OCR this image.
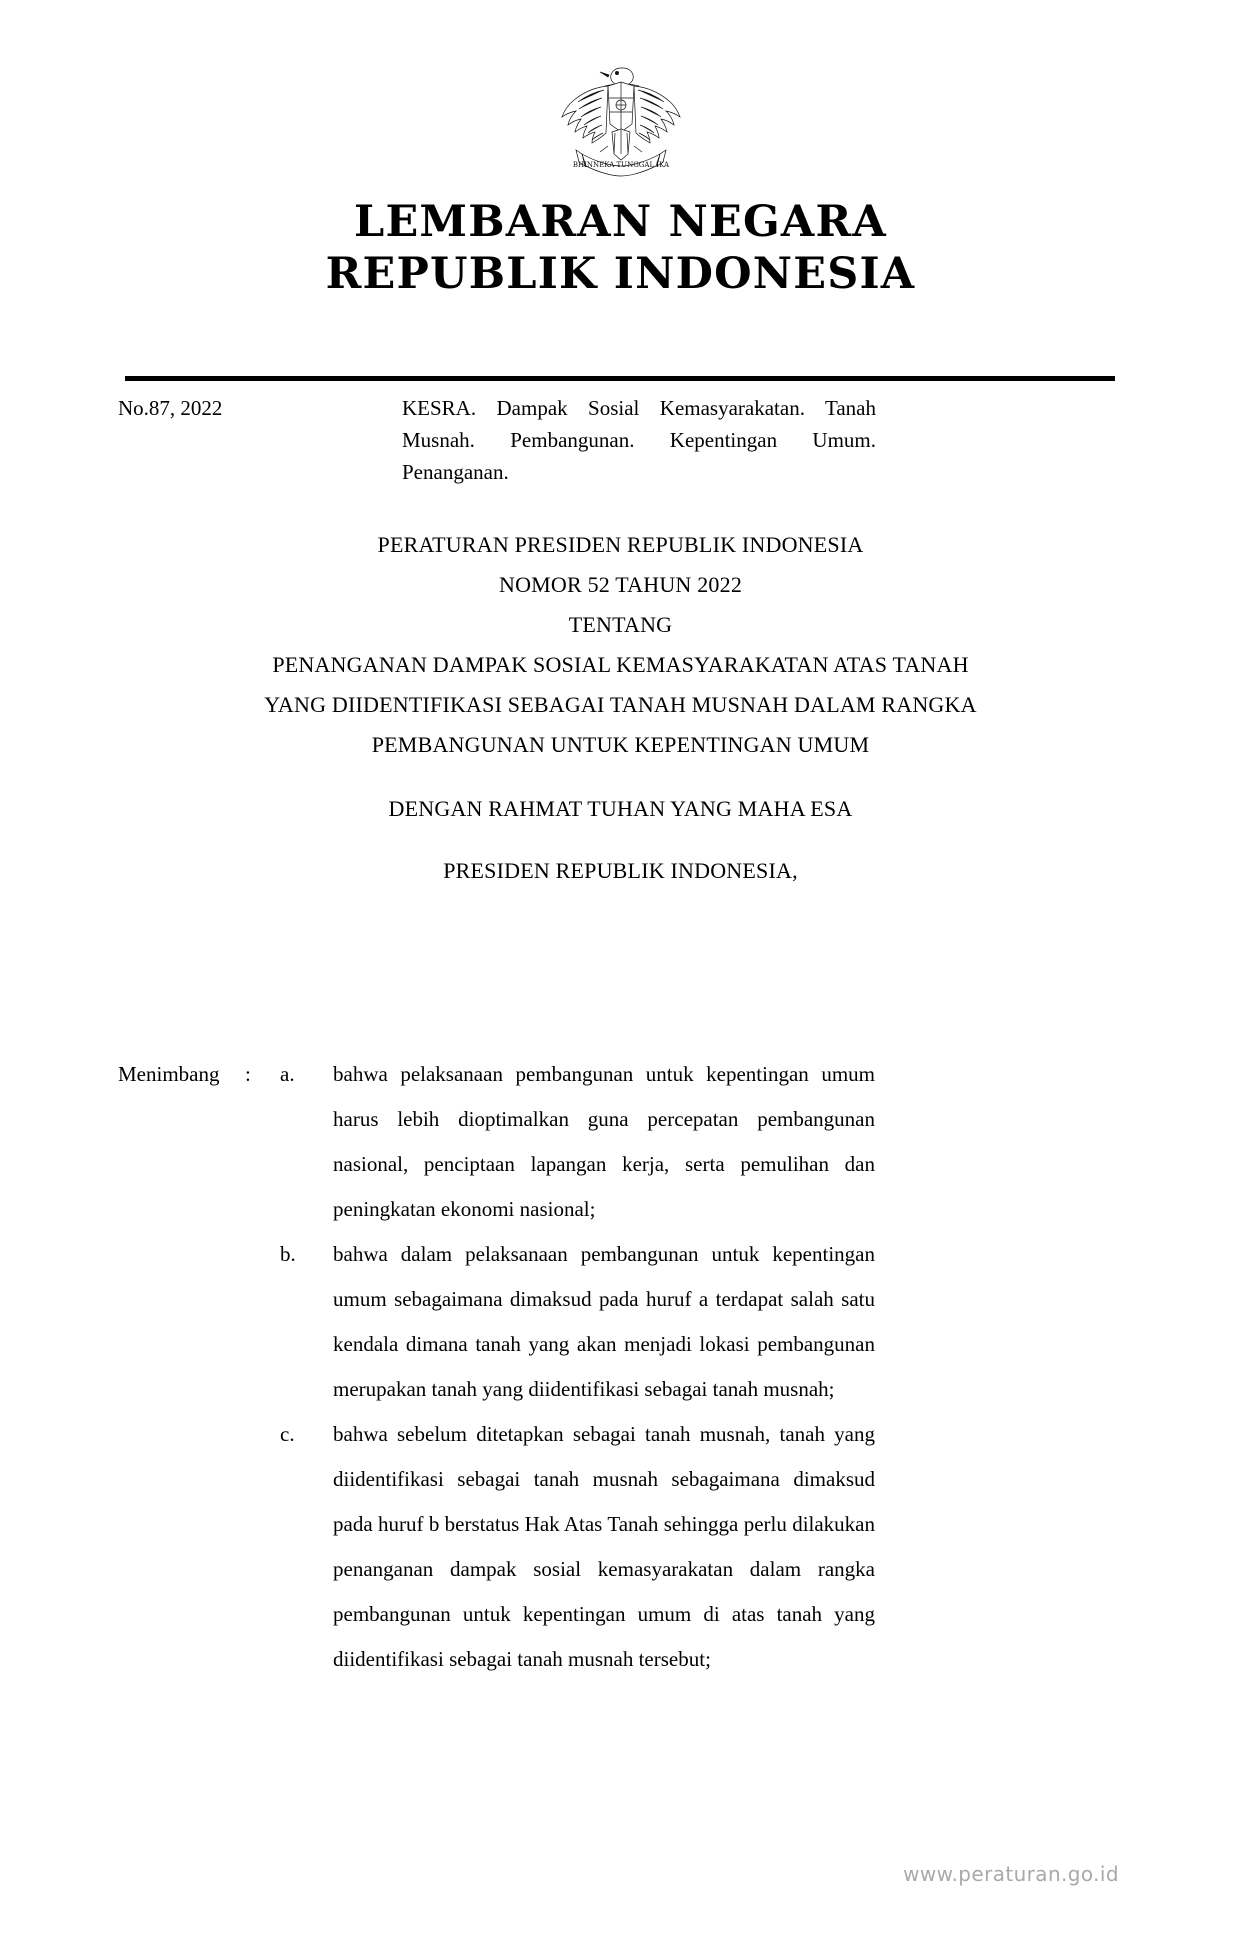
BHINNEKA TUNGGAL IKA
LEMBARAN NEGARA
REPUBLIK INDONESIA
No.87, 2022	KESRA. Dampak Sosial Kemasyarakatan. Tanah Musnah. Pembangunan. Kepentingan Umum. Penanganan.
PERATURAN PRESIDEN REPUBLIK INDONESIA
NOMOR 52 TAHUN 2022
TENTANG
PENANGANAN DAMPAK SOSIAL KEMASYARAKATAN ATAS TANAH
YANG DIIDENTIFIKASI SEBAGAI TANAH MUSNAH DALAM RANGKA
PEMBANGUNAN UNTUK KEPENTINGAN UMUM
DENGAN RAHMAT TUHAN YANG MAHA ESA
PRESIDEN REPUBLIK INDONESIA,
Menimbang : a. bahwa pelaksanaan pembangunan untuk kepentingan umum harus lebih dioptimalkan guna percepatan pembangunan nasional, penciptaan lapangan kerja, serta pemulihan dan peningkatan ekonomi nasional;
b. bahwa dalam pelaksanaan pembangunan untuk kepentingan umum sebagaimana dimaksud pada huruf a terdapat salah satu kendala dimana tanah yang akan menjadi lokasi pembangunan merupakan tanah yang diidentifikasi sebagai tanah musnah;
c. bahwa sebelum ditetapkan sebagai tanah musnah, tanah yang diidentifikasi sebagai tanah musnah sebagaimana dimaksud pada huruf b berstatus Hak Atas Tanah sehingga perlu dilakukan penanganan dampak sosial kemasyarakatan dalam rangka pembangunan untuk kepentingan umum di atas tanah yang diidentifikasi sebagai tanah musnah tersebut;
www.peraturan.go.id
